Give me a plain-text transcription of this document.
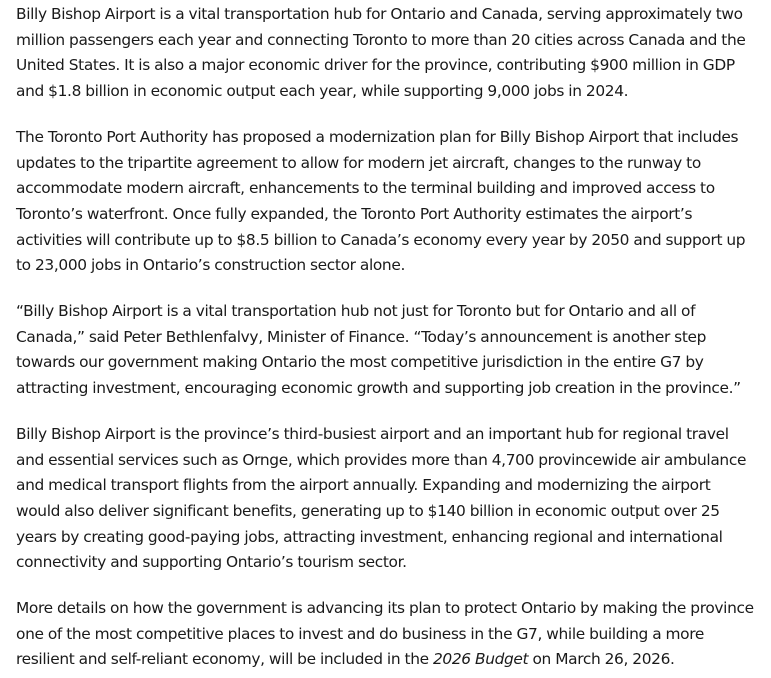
Billy Bishop Airport is a vital transportation hub for Ontario and Canada, serving approximately two million passengers each year and connecting Toronto to more than 20 cities across Canada and the United States. It is also a major economic driver for the province, contributing $900 million in GDP and $1.8 billion in economic output each year, while supporting 9,000 jobs in 2024.

The Toronto Port Authority has proposed a modernization plan for Billy Bishop Airport that includes updates to the tripartite agreement to allow for modern jet aircraft, changes to the runway to accommodate modern aircraft, enhancements to the terminal building and improved access to Toronto’s waterfront. Once fully expanded, the Toronto Port Authority estimates the airport’s activities will contribute up to $8.5 billion to Canada’s economy every year by 2050 and support up to 23,000 jobs in Ontario’s construction sector alone.

“Billy Bishop Airport is a vital transportation hub not just for Toronto but for Ontario and all of Canada,” said Peter Bethlenfalvy, Minister of Finance. “Today’s announcement is another step towards our government making Ontario the most competitive jurisdiction in the entire G7 by attracting investment, encouraging economic growth and supporting job creation in the province.”

Billy Bishop Airport is the province’s third-busiest airport and an important hub for regional travel and essential services such as Ornge, which provides more than 4,700 provincewide air ambulance and medical transport flights from the airport annually. Expanding and modernizing the airport would also deliver significant benefits, generating up to $140 billion in economic output over 25 years by creating good-paying jobs, attracting investment, enhancing regional and international connectivity and supporting Ontario’s tourism sector.

More details on how the government is advancing its plan to protect Ontario by making the province one of the most competitive places to invest and do business in the G7, while building a more resilient and self-reliant economy, will be included in the 2026 Budget on March 26, 2026.
